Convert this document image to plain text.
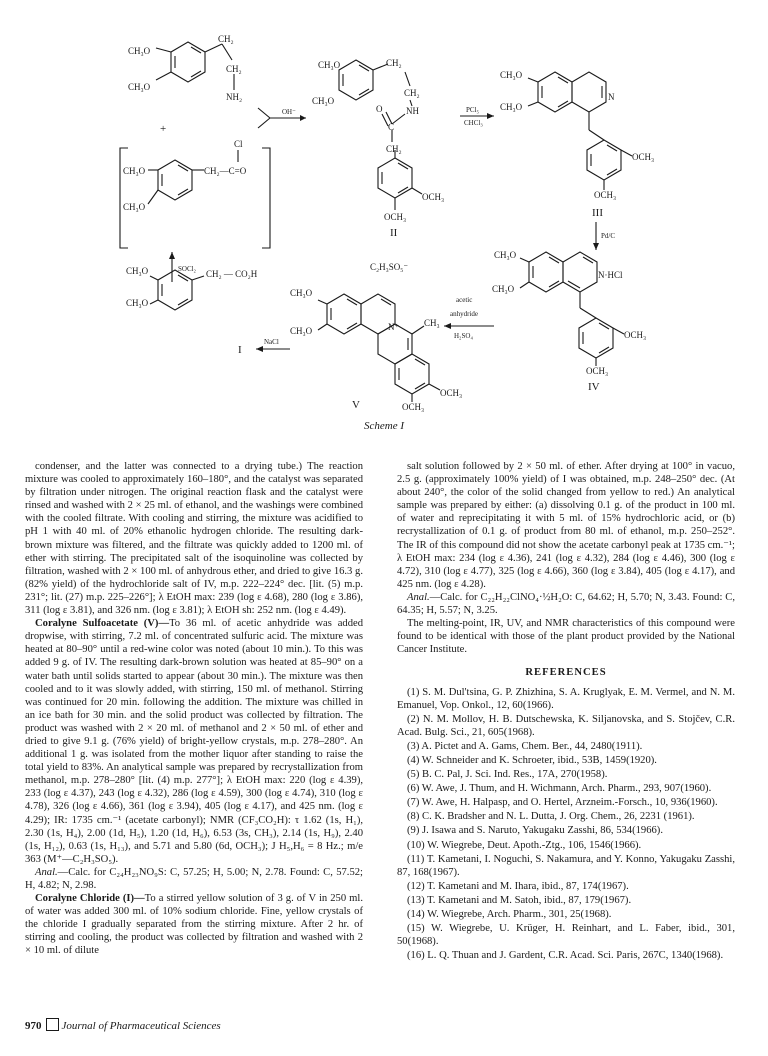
CH₃O
CH₃O
CH₂
CH₂
NH₂
+
OH⁻
Cl
CH₃O
CH₃O
CH₂—C=O
SOCl₂
CH₃O
CH₃O
CH₂ — CO₂H
CH₃O
CH₃O
CH₂
CH₂
O	NH
C
CH₂
OCH₃
OCH₃
II
PCl₅
CHCl₃
CH₃O
CH₃O
N
OCH₃
OCH₃
III
Pd/C
CH₃O
CH₃O
N·HCl
OCH₃
OCH₃
IV
acetic
anhydride
H₂SO₄
C₂H₃SO₅⁻
CH₃O
CH₃O	N⁺	CH₃
OCH₃
OCH₃
V
NaCl
I
Scheme I

condenser, and the latter was connected to a drying tube.) The reaction mixture was cooled to approximately 160–180°, and the catalyst was separated by filtration under nitrogen. The original reaction flask and the catalyst were rinsed and washed with 2 × 25 ml. of ethanol, and the washings were combined with the cooled filtrate. With cooling and stirring, the mixture was acidified to pH 1 with 40 ml. of 20% ethanolic hydrogen chloride. The resulting dark-brown mixture was filtered, and the filtrate was quickly added to 1200 ml. of ether with stirring. The precipitated salt of the isoquinoline was collected by filtration, washed with 2 × 100 ml. of anhydrous ether, and dried to give 16.3 g. (82% yield) of the hydrochloride salt of IV, m.p. 222–224° dec. [lit. (5) m.p. 231°; lit. (27) m.p. 225–226°]; λ EtOH max: 239 (log ε 4.68), 280 (log ε 3.86), 311 (log ε 3.81), and 326 nm. (log ε 3.81); λ EtOH sh: 252 nm. (log ε 4.49).

Coralyne Sulfoacetate (V)—To 36 ml. of acetic anhydride was added dropwise, with stirring, 7.2 ml. of concentrated sulfuric acid. The mixture was heated at 80–90° until a red-wine color was noted (about 10 min.). To this was added 9 g. of IV. The resulting dark-brown solution was heated at 85–90° on a water bath until solids started to appear (about 30 min.). The mixture was then cooled and to it was slowly added, with stirring, 150 ml. of methanol. Stirring was continued for 20 min. following the addition. The mixture was chilled in an ice bath for 30 min. and the solid product was collected by filtration. The product was washed with 2 × 20 ml. of methanol and 2 × 50 ml. of ether and dried to give 9.1 g. (76% yield) of bright-yellow crystals, m.p. 278–280°. An additional 1 g. was isolated from the mother liquor after standing to raise the total yield to 83%. An analytical sample was prepared by recrystallization from methanol, m.p. 278–280° [lit. (4) m.p. 277°]; λ EtOH max: 220 (log ε 4.39), 233 (log ε 4.37), 243 (log ε 4.32), 286 (log ε 4.59), 300 (log ε 4.74), 310 (log ε 4.78), 326 (log ε 4.66), 361 (log ε 3.94), 405 (log ε 4.17), and 425 nm. (log ε 4.29); IR: 1735 cm.⁻¹ (acetate carbonyl); NMR (CF₃CO₂H): τ 1.62 (1s, H₁), 2.30 (1s, H₄), 2.00 (1d, H₅), 1.20 (1d, H₆), 6.53 (3s, CH₃), 2.14 (1s, H₉), 2.40 (1s, H₁₂), 0.63 (1s, H₁₃), and 5.71 and 5.80 (6d, OCH₃); J H₅,H₆ = 8 Hz.; m/e 363 (M⁺—C₂H₃SO₅).

Anal.—Calc. for C₂₄H₂₃NO₉S: C, 57.25; H, 5.00; N, 2.78. Found: C, 57.52; H, 4.82; N, 2.98.

Coralyne Chloride (I)—To a stirred yellow solution of 3 g. of V in 250 ml. of water was added 300 ml. of 10% sodium chloride. Fine, yellow crystals of the chloride I gradually separated from the stirring mixture. After 2 hr. of stirring and cooling, the product was collected by filtration and washed with 2 × 10 ml. of dilute

salt solution followed by 2 × 50 ml. of ether. After drying at 100° in vacuo, 2.5 g. (approximately 100% yield) of I was obtained, m.p. 248–250° dec. (At about 240°, the color of the solid changed from yellow to red.) An analytical sample was prepared by either: (a) dissolving 0.1 g. of the product in 100 ml. of water and reprecipitating it with 5 ml. of 15% hydrochloric acid, or (b) recrystallization of 0.1 g. of product from 80 ml. of ethanol, m.p. 250–252°. The IR of this compound did not show the acetate carbonyl peak at 1735 cm.⁻¹; λ EtOH max: 234 (log ε 4.36), 241 (log ε 4.32), 284 (log ε 4.46), 300 (log ε 4.72), 310 (log ε 4.77), 325 (log ε 4.66), 360 (log ε 3.84), 405 (log ε 4.17), and 425 nm. (log ε 4.28).

Anal.—Calc. for C₂₂H₂₂ClNO₄·½H₂O: C, 64.62; H, 5.70; N, 3.43. Found: C, 64.35; H, 5.57; N, 3.25.

The melting-point, IR, UV, and NMR characteristics of this compound were found to be identical with those of the plant product provided by the National Cancer Institute.

REFERENCES

(1) S. M. Dul'tsina, G. P. Zhizhina, S. A. Kruglyak, E. M. Vermel, and N. M. Emanuel, Vop. Onkol., 12, 60(1966).

(2) N. M. Mollov, H. B. Dutschewska, K. Siljanovska, and S. Stojčev, C.R. Acad. Bulg. Sci., 21, 605(1968).

(3) A. Pictet and A. Gams, Chem. Ber., 44, 2480(1911).

(4) W. Schneider and K. Schroeter, ibid., 53B, 1459(1920).

(5) B. C. Pal, J. Sci. Ind. Res., 17A, 270(1958).

(6) W. Awe, J. Thum, and H. Wichmann, Arch. Pharm., 293, 907(1960).

(7) W. Awe, H. Halpasp, and O. Hertel, Arzneim.-Forsch., 10, 936(1960).

(8) C. K. Bradsher and N. L. Dutta, J. Org. Chem., 26, 2231 (1961).

(9) J. Isawa and S. Naruto, Yakugaku Zasshi, 86, 534(1966).

(10) W. Wiegrebe, Deut. Apoth.-Ztg., 106, 1546(1966).

(11) T. Kametani, I. Noguchi, S. Nakamura, and Y. Konno, Yakugaku Zasshi, 87, 168(1967).

(12) T. Kametani and M. Ihara, ibid., 87, 174(1967).

(13) T. Kametani and M. Satoh, ibid., 87, 179(1967).

(14) W. Wiegrebe, Arch. Pharm., 301, 25(1968).

(15) W. Wiegrebe, U. Krüger, H. Reinhart, and L. Faber, ibid., 301, 50(1968).

(16) L. Q. Thuan and J. Gardent, C.R. Acad. Sci. Paris, 267C, 1340(1968).

970 Journal of Pharmaceutical Sciences
